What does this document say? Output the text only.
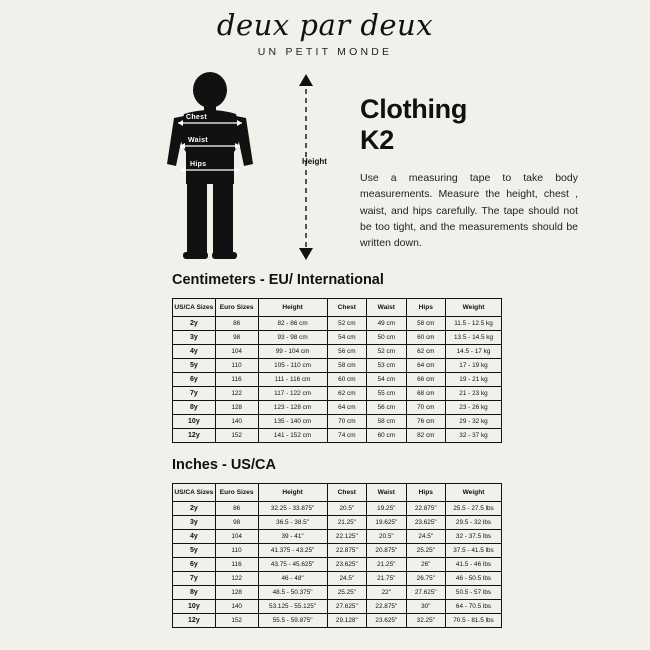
deux par deux
UN PETIT MONDE
Chest
Waist
Hips	Height
Clothing
K2
Use a measuring tape to take body measurements. Measure the height, chest , waist, and hips carefully. The tape should not be too tight, and the measurements should be written down.
Centimeters - EU/ International
US/CA Sizes	Euro Sizes	Height	Chest	Waist	Hips	Weight
2y	86	82 - 86 cm	52 cm	49 cm	58 cm	11.5 - 12.5 kg
3y	98	93 - 98 cm	54 cm	50 cm	60 cm	13.5 - 14.5 kg
4y	104	99 - 104 cm	56 cm	52 cm	62 cm	14.5 - 17 kg
5y	110	105 - 110 cm	58 cm	53 cm	64 cm	17 - 19 kg
6y	116	111 - 116 cm	60 cm	54 cm	66 cm	19 - 21 kg
7y	122	117 - 122 cm	62 cm	55 cm	68 cm	21 - 23 kg
8y	128	123 - 128 cm	64 cm	56 cm	70 cm	23 - 26 kg
10y	140	135 - 140 cm	70 cm	58 cm	76 cm	29 - 32 kg
12y	152	141 - 152 cm	74 cm	60 cm	82 cm	32 - 37 kg
Inches - US/CA
US/CA Sizes	Euro Sizes	Height	Chest	Waist	Hips	Weight
2y	86	32.25 - 33.875"	20.5"	19.25"	22.875"	25.5 - 27.5 lbs
3y	98	36.5 - 38.5"	21.25"	19.625"	23.625"	29.5 - 32 lbs
4y	104	39 - 41"	22.125"	20.5"	24.5"	32 - 37.5 lbs
5y	110	41.375 - 43.25"	22.875"	20.875"	25.25"	37.5 - 41.5 lbs
6y	116	43.75 - 45.625"	23.625"	21.25"	26"	41.5 - 46 lbs
7y	122	46 - 48"	24.5"	21.75"	26.75"	46 - 50.5 lbs
8y	128	48.5 - 50.375"	25.25"	22"	27.625"	50.5 - 57 lbs
10y	140	53.125 - 55.125"	27.625"	22.875"	30"	64 - 70.5 lbs
12y	152	55.5 - 59.875"	29.128"	23.625"	32.25"	70.5 - 81.5 lbs
